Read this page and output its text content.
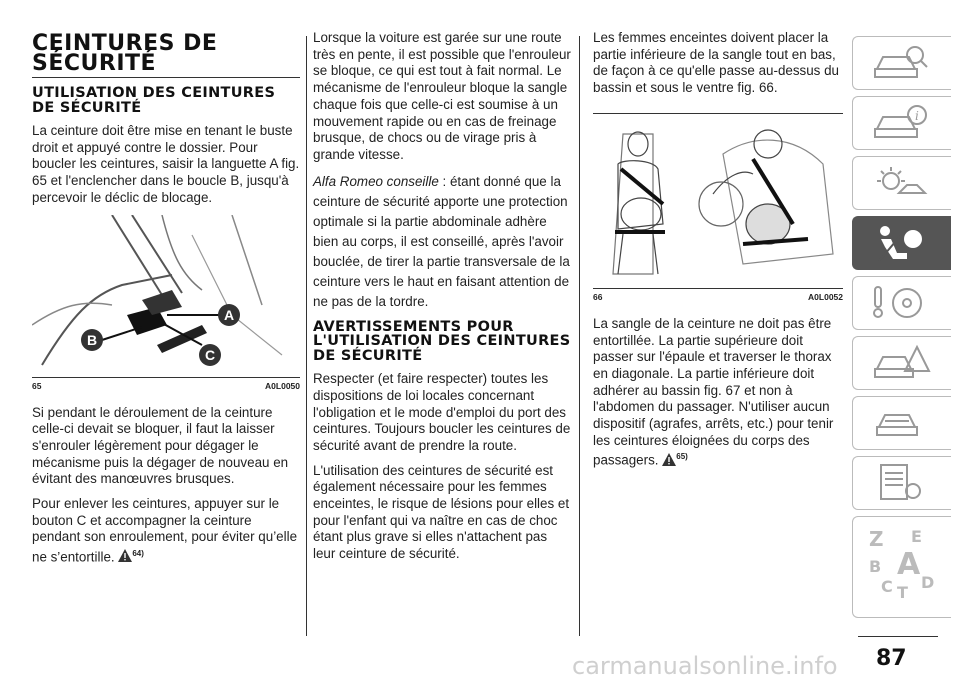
CEINTURES DE SÉCURITÉ
UTILISATION DES CEINTURES DE SÉCURITÉ

La ceinture doit être mise en tenant le buste droit et appuyé contre le dossier. Pour boucler les ceintures, saisir la languette A fig. 65 et l'enclencher dans le boucle B, jusqu'à percevoir le déclic de blocage.

A
B
C
65	A0L0050

Si pendant le déroulement de la ceinture celle-ci devait se bloquer, il faut la laisser s'enrouler légèrement pour dégager le mécanisme puis la dégager de nouveau en évitant des manœuvres brusques.

Pour enlever les ceintures, appuyer sur le bouton C et accompagner la ceinture pendant son enroulement, pour éviter qu’elle ne s’entortille. $^{64)}$

Lorsque la voiture est garée sur une route très en pente, il est possible que l'enrouleur se bloque, ce qui est tout à fait normal. Le mécanisme de l'enrouleur bloque la sangle chaque fois que celle-ci est soumise à un mouvement rapide ou en cas de freinage brusque, de chocs ou de virage pris à grande vitesse.

Alfa Romeo conseille : étant donné que la ceinture de sécurité apporte une protection optimale si la partie abdominale adhère bien au corps, il est conseillé, après l'avoir bouclée, de tirer la partie transversale de la ceinture vers le haut en faisant attention de ne pas de la tordre.

AVERTISSEMENTS POUR L'UTILISATION DES CEINTURES DE SÉCURITÉ

Respecter (et faire respecter) toutes les dispositions de loi locales concernant l'obligation et le mode d'emploi du port des ceintures. Toujours boucler les ceintures de sécurité avant de prendre la route.

L'utilisation des ceintures de sécurité est également nécessaire pour les femmes enceintes, le risque de lésions pour elles et pour l'enfant qui va naître en cas de choc étant plus grave si elles n'attachent pas leur ceinture de sécurité.

Les femmes enceintes doivent placer la partie inférieure de la sangle tout en bas, de façon à ce qu'elle passe au-dessus du bassin et sous le ventre fig. 66.

66	A0L0052

La sangle de la ceinture ne doit pas être entortillée. La partie supérieure doit passer sur l'épaule et traverser le thorax en diagonale. La partie inférieure doit adhérer au bassin fig. 67 et non à l'abdomen du passager. N'utiliser aucun dispositif (agrafes, arrêts, etc.) pour tenir les ceintures éloignées du corps des passagers. $^{65)}$

i
Z E
A
B
C T
D
87
carmanualsonline.info
